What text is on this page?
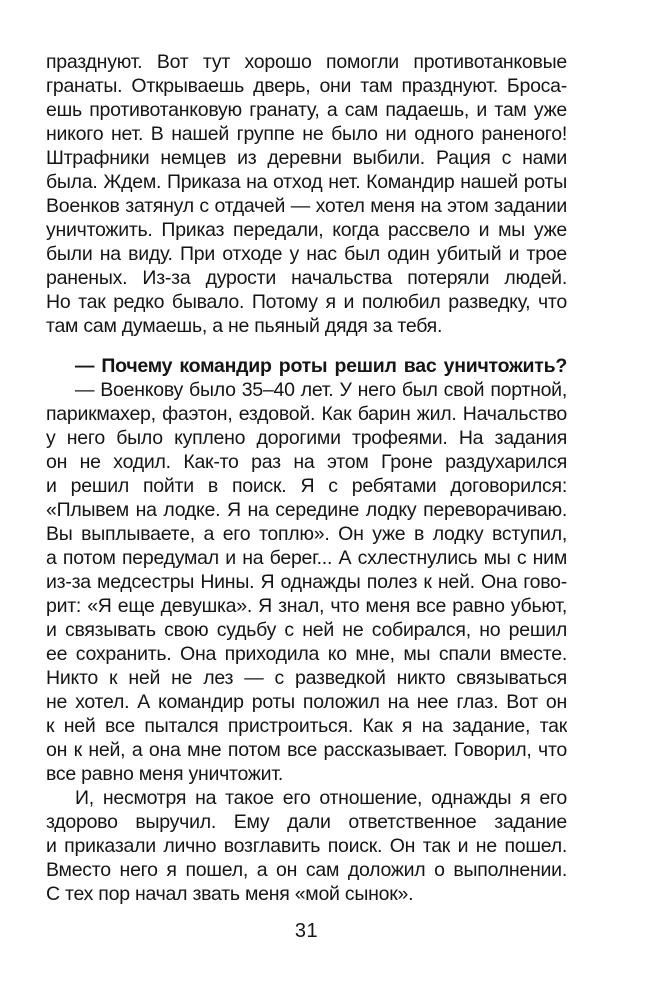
празднуют. Вот тут хорошо помогли противотанковые
гранаты. Открываешь дверь, они там празднуют. Броса-
ешь противотанковую гранату, а сам падаешь, и там уже
никого нет. В нашей группе не было ни одного раненого!
Штрафники немцев из деревни выбили. Рация с нами
была. Ждем. Приказа на отход нет. Командир нашей роты
Военков затянул с отдачей — хотел меня на этом задании
уничтожить. Приказ передали, когда рассвело и мы уже
были на виду. При отходе у нас был один убитый и трое
раненых. Из-за дурости начальства потеряли людей.
Но так редко бывало. Потому я и полюбил разведку, что
там сам думаешь, а не пьяный дядя за тебя.
— Почему командир роты решил вас уничтожить?
— Военкову было 35–40 лет. У него был свой портной,
парикмахер, фаэтон, ездовой. Как барин жил. Начальство
у него было куплено дорогими трофеями. На задания
он не ходил. Как-то раз на этом Гроне раздухарился
и решил пойти в поиск. Я с ребятами договорился:
«Плывем на лодке. Я на середине лодку переворачиваю.
Вы выплываете, а его топлю». Он уже в лодку вступил,
а потом передумал и на берег... А схлестнулись мы с ним
из-за медсестры Нины. Я однажды полез к ней. Она гово-
рит: «Я еще девушка». Я знал, что меня все равно убьют,
и связывать свою судьбу с ней не собирался, но решил
ее сохранить. Она приходила ко мне, мы спали вместе.
Никто к ней не лез — с разведкой никто связываться
не хотел. А командир роты положил на нее глаз. Вот он
к ней все пытался пристроиться. Как я на задание, так
он к ней, а она мне потом все рассказывает. Говорил, что
все равно меня уничтожит.
И, несмотря на такое его отношение, однажды я его
здорово выручил. Ему дали ответственное задание
и приказали лично возглавить поиск. Он так и не пошел.
Вместо него я пошел, а он сам доложил о выполнении.
С тех пор начал звать меня «мой сынок».
31
